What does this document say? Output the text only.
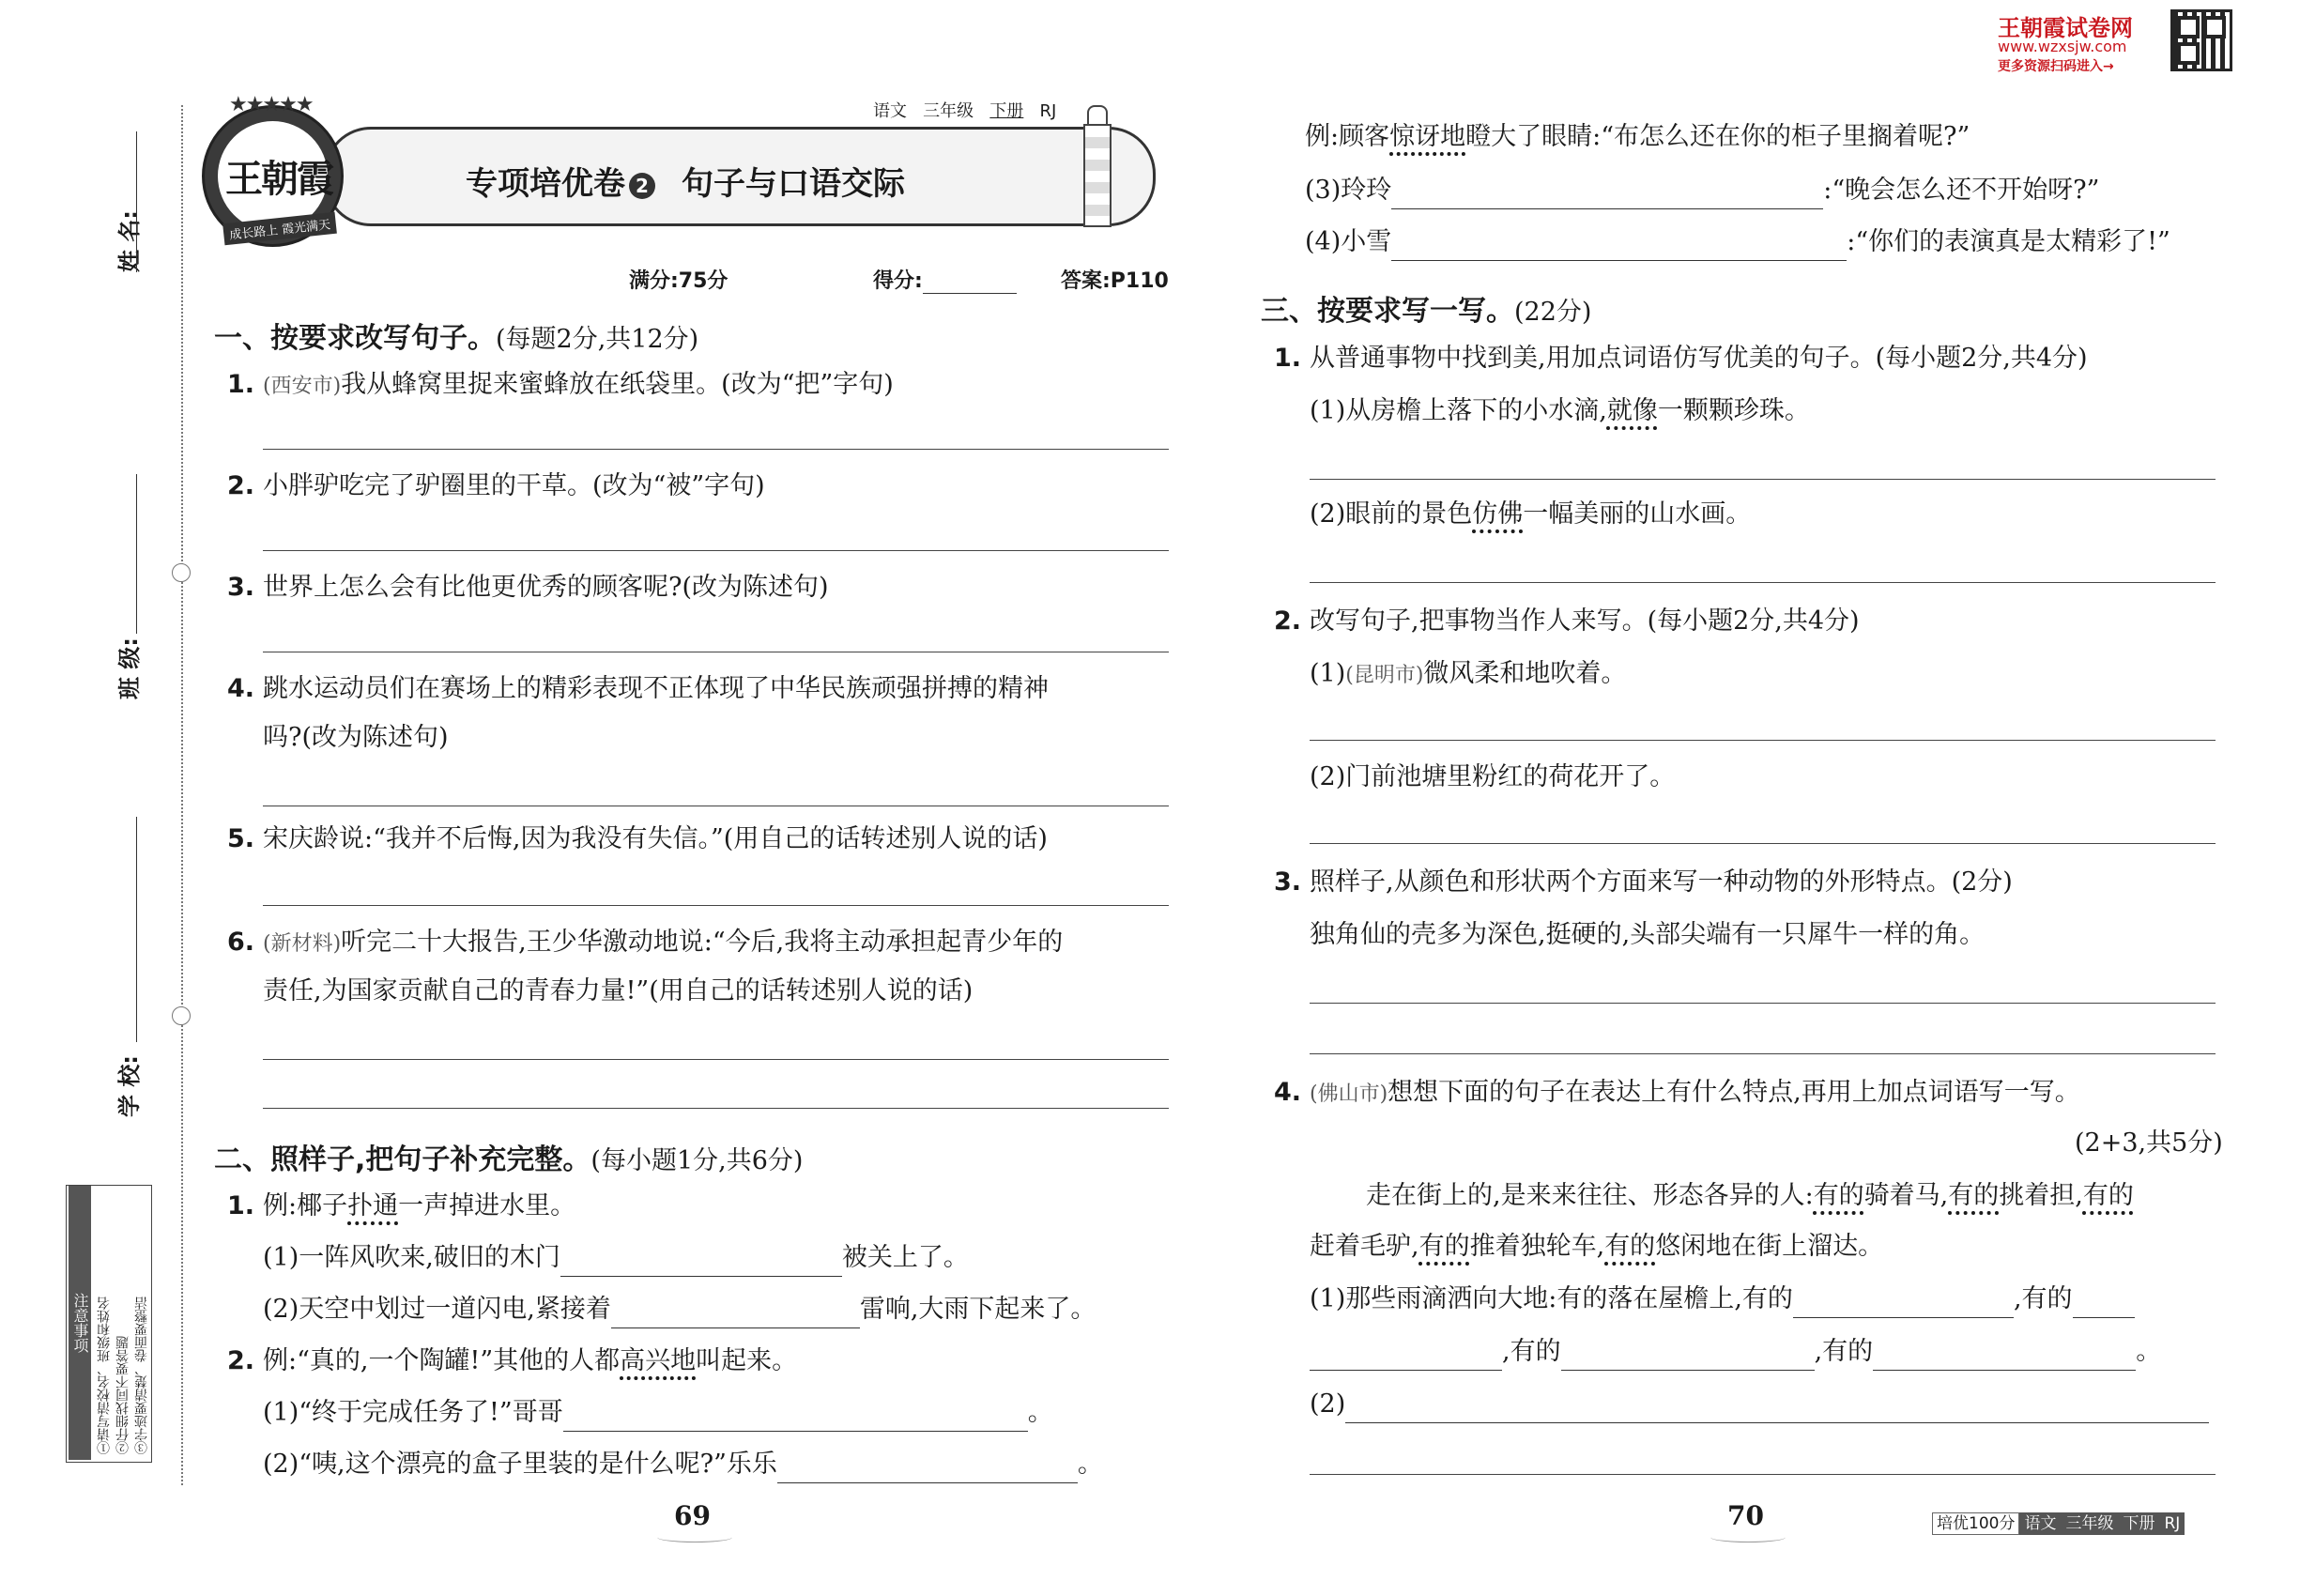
王朝霞试卷网
www.wzxsjw.com
更多资源扫码进入→
姓 名:
班 级:
学 校:
注意事项 ①请写清校名、班级和姓名 ②仔细找同不要答题 ③字迹要清楚、卷面要整洁
王朝霞
★★★★★
成长路上 霞光满天
语文 三年级 下册 RJ
专项培优卷 2 句子与口语交际
满分:75分	得分:	答案:P110
一、按要求改写句子。(每题2分,共12分)
1. (西安市)我从蜂窝里捉来蜜蜂放在纸袋里。(改为“把”字句)
2. 小胖驴吃完了驴圈里的干草。(改为“被”字句)
3. 世界上怎么会有比他更优秀的顾客呢?(改为陈述句)
4. 跳水运动员们在赛场上的精彩表现不正体现了中华民族顽强拼搏的精神
吗?(改为陈述句)
5. 宋庆龄说:“我并不后悔,因为我没有失信。”(用自己的话转述别人说的话)
6. (新材料)听完二十大报告,王少华激动地说:“今后,我将主动承担起青少年的
责任,为国家贡献自己的青春力量!”(用自己的话转述别人说的话)
二、照样子,把句子补充完整。(每小题1分,共6分)
1. 例:椰子扑通一声掉进水里。
(1)一阵风吹来,破旧的木门	被关上了。
(2)天空中划过一道闪电,紧接着	雷响,大雨下起来了。
2. 例:“真的,一个陶罐!”其他的人都高兴地叫起来。
(1)“终于完成任务了!”哥哥	。
(2)“咦,这个漂亮的盒子里装的是什么呢?”乐乐	。
69
例:顾客惊讶地瞪大了眼睛:“布怎么还在你的柜子里搁着呢?”
(3)玲玲	:“晚会怎么还不开始呀?”
(4)小雪	:“你们的表演真是太精彩了!”
三、按要求写一写。(22分)
1. 从普通事物中找到美,用加点词语仿写优美的句子。(每小题2分,共4分)
(1)从房檐上落下的小水滴,就像一颗颗珍珠。
(2)眼前的景色仿佛一幅美丽的山水画。
2. 改写句子,把事物当作人来写。(每小题2分,共4分)
(1)(昆明市)微风柔和地吹着。
(2)门前池塘里粉红的荷花开了。
3. 照样子,从颜色和形状两个方面来写一种动物的外形特点。(2分)
独角仙的壳多为深色,挺硬的,头部尖端有一只犀牛一样的角。
4. (佛山市)想想下面的句子在表达上有什么特点,再用上加点词语写一写。
(2+3,共5分)
走在街上的,是来来往往、形态各异的人:有的骑着马,有的挑着担,有的
赶着毛驴,有的推着独轮车,有的悠闲地在街上溜达。
(1)那些雨滴洒向大地:有的落在屋檐上,有的	,有的
,有的	,有的	。
(2)
70	培优100分 语文 三年级 下册 RJ
